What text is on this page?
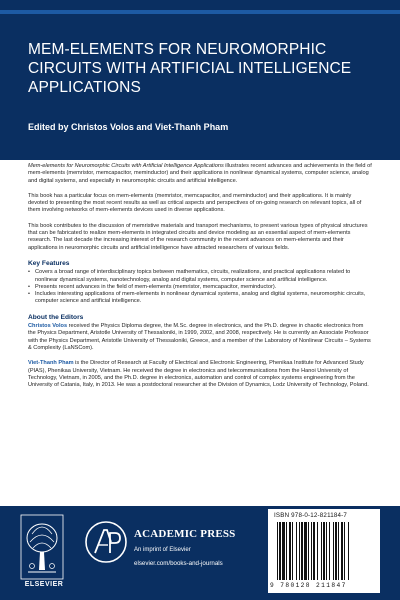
MEM-ELEMENTS FOR NEUROMORPHIC CIRCUITS WITH ARTIFICIAL INTELLIGENCE APPLICATIONS
Edited by Christos Volos and Viet-Thanh Pham

Mem-elements for Neuromorphic Circuits with Artificial Intelligence Applications illustrates recent advances and achievements in the field of mem-elements (memristor, memcapacitor, meminductor) and their applications in nonlinear dynamical systems, computer science, analog and digital systems, and especially in neuromorphic circuits and artificial intelligence.

This book has a particular focus on mem-elements (memristor, memcapacitor, and meminductor) and their applications. It is mainly devoted to presenting the most recent results as well as critical aspects and perspectives of on-going research on relevant topics, all of them involving networks of mem-elements devices used in diverse applications.

This book contributes to the discussion of memristive materials and transport mechanisms, to present various types of physical structures that can be fabricated to realize mem-elements in integrated circuits and device modeling as an essential aspect of mem-elements research. The last decade the increasing interest of the research community in the recent advances on mem-elements and their applications in neuromorphic circuits and artificial intelligence have attracted researchers of various fields.

Key Features
• Covers a broad range of interdisciplinary topics between mathematics, circuits, realizations, and practical applications related to nonlinear dynamical systems, nanotechnology, analog and digital systems, computer science and artificial intelligence.
• Presents recent advances in the field of mem-elements (memristor, memcapacitor, meminductor).
• Includes interesting applications of mem-elements in nonlinear dynamical systems, analog and digital systems, neuromorphic circuits, computer science and artificial intelligence.
About the Editors

Christos Volos received the Physics Diploma degree, the M.Sc. degree in electronics, and the Ph.D. degree in chaotic electronics from the Physics Department, Aristotle University of Thessaloniki, in 1999, 2002, and 2008, respectively. He is currently an Associate Professor with the Physics Department, Aristotle University of Thessaloniki, Greece, and a member of the Laboratory of Nonlinear Circuits – Systems & Complexity (LaNSCom).

Viet-Thanh Pham is the Director of Research at Faculty of Electrical and Electronic Engineering, Phenikaa Institute for Advanced Study (PIAS), Phenikaa University, Vietnam. He received the degree in electronics and telecommunications from the Hanoi University of Technology, Vietnam, in 2005, and the Ph.D. degree in electronics, automation and control of complex systems engineering from the University of Catania, Italy, in 2013. He was a postdoctoral researcher at the Division of Dynamics, Lodz University of Technology, Poland.

ELSEVIER
ACADEMIC PRESS
An imprint of Elsevier
elsevier.com/books-and-journals
ISBN 978-0-12-821184-7
9 780128 211847
